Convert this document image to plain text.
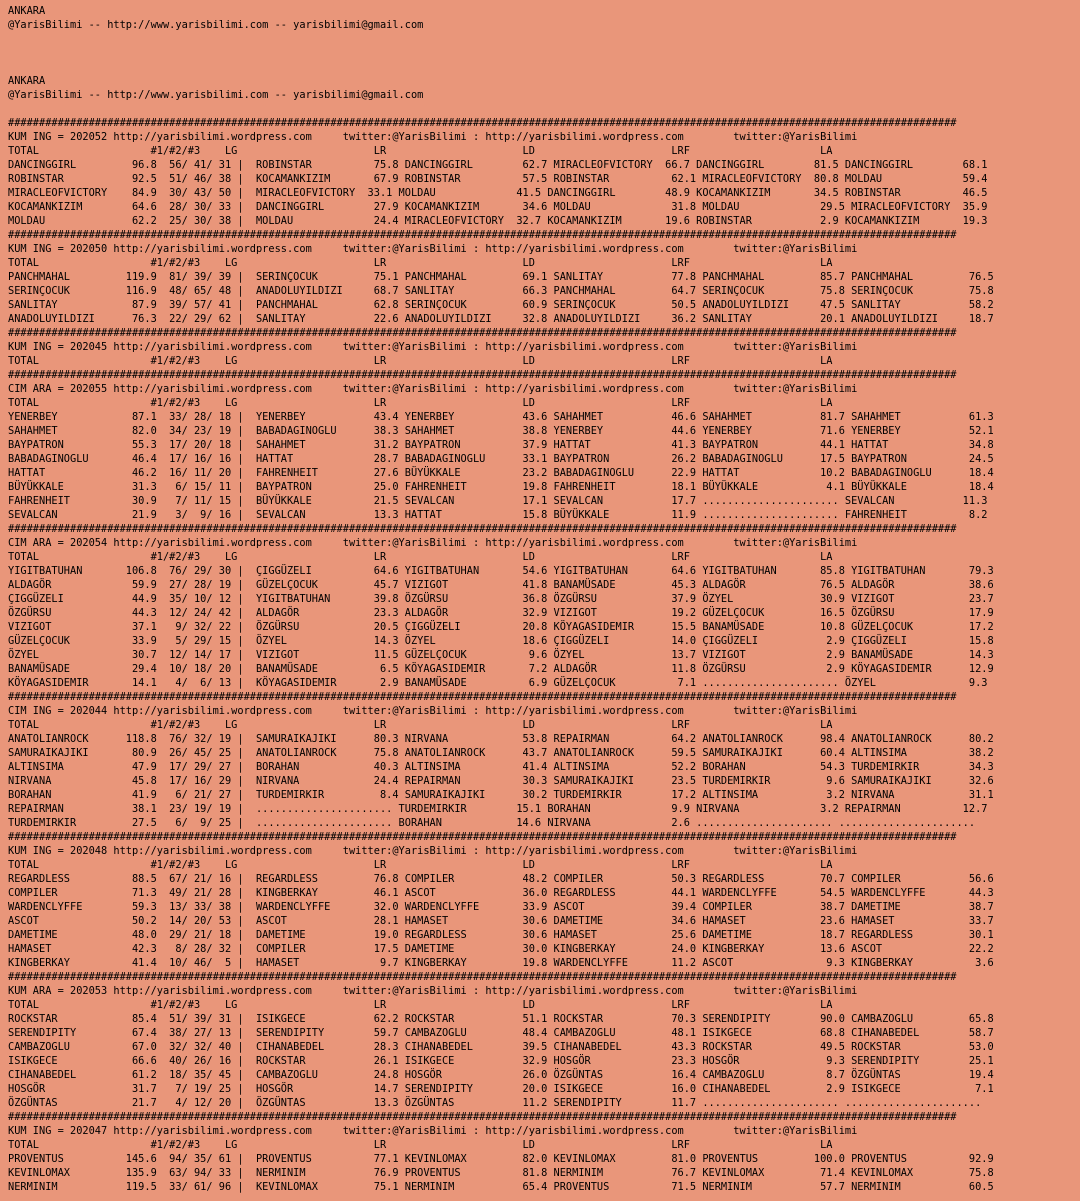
ANKARA
@YarisBilimi -- http://www.yarisbilimi.com -- yarisbilimi@gmail.com
ANKARA
@YarisBilimi -- http://www.yarisbilimi.com -- yarisbilimi@gmail.com
#########################################################################################################################################################
KUM ING = 202052 http://yarisbilimi.wordpress.com     twitter:@YarisBilimi : http://yarisbilimi.wordpress.com        twitter:@YarisBilimi
TOTAL                  #1/#2/#3    LG                      LR                      LD                      LRF                     LA
DANCINGGIRL         96.8  56/ 41/ 31 |  ROBINSTAR          75.8 DANCINGGIRL        62.7 MIRACLEOFVICTORY  66.7 DANCINGGIRL        81.5 DANCINGGIRL        68.1
ROBINSTAR           92.5  51/ 46/ 38 |  KOCAMANKIZIM       67.9 ROBINSTAR          57.5 ROBINSTAR          62.1 MIRACLEOFVICTORY  80.8 MOLDAU             59.4
MIRACLEOFVICTORY    84.9  30/ 43/ 50 |  MIRACLEOFVICTORY  33.1 MOLDAU             41.5 DANCINGGIRL        48.9 KOCAMANKIZIM       34.5 ROBINSTAR          46.5
KOCAMANKIZIM        64.6  28/ 30/ 33 |  DANCINGGIRL        27.9 KOCAMANKIZIM       34.6 MOLDAU             31.8 MOLDAU             29.5 MIRACLEOFVICTORY  35.9
MOLDAU              62.2  25/ 30/ 38 |  MOLDAU             24.4 MIRACLEOFVICTORY  32.7 KOCAMANKIZIM       19.6 ROBINSTAR           2.9 KOCAMANKIZIM       19.3
#########################################################################################################################################################
KUM ING = 202050 http://yarisbilimi.wordpress.com     twitter:@YarisBilimi : http://yarisbilimi.wordpress.com        twitter:@YarisBilimi
TOTAL                  #1/#2/#3    LG                      LR                      LD                      LRF                     LA
PANCHMAHAL         119.9  81/ 39/ 39 |  SERINÇOCUK         75.1 PANCHMAHAL         69.1 SANLITAY           77.8 PANCHMAHAL         85.7 PANCHMAHAL         76.5
SERINÇOCUK         116.9  48/ 65/ 48 |  ANADOLUYILDIZI     68.7 SANLITAY           66.3 PANCHMAHAL         64.7 SERINÇOCUK         75.8 SERINÇOCUK         75.8
SANLITAY            87.9  39/ 57/ 41 |  PANCHMAHAL         62.8 SERINÇOCUK         60.9 SERINÇOCUK         50.5 ANADOLUYILDIZI     47.5 SANLITAY           58.2
ANADOLUYILDIZI      76.3  22/ 29/ 62 |  SANLITAY           22.6 ANADOLUYILDIZI     32.8 ANADOLUYILDIZI     36.2 SANLITAY           20.1 ANADOLUYILDIZI     18.7
#########################################################################################################################################################
KUM ING = 202045 http://yarisbilimi.wordpress.com     twitter:@YarisBilimi : http://yarisbilimi.wordpress.com        twitter:@YarisBilimi
TOTAL                  #1/#2/#3    LG                      LR                      LD                      LRF                     LA
#########################################################################################################################################################
CIM ARA = 202055 http://yarisbilimi.wordpress.com     twitter:@YarisBilimi : http://yarisbilimi.wordpress.com        twitter:@YarisBilimi
TOTAL                  #1/#2/#3    LG                      LR                      LD                      LRF                     LA
YENERBEY            87.1  33/ 28/ 18 |  YENERBEY           43.4 YENERBEY           43.6 SAHAHMET           46.6 SAHAHMET           81.7 SAHAHMET           61.3
SAHAHMET            82.0  34/ 23/ 19 |  BABADAGINOGLU      38.3 SAHAHMET           38.8 YENERBEY           44.6 YENERBEY           71.6 YENERBEY           52.1
BAYPATRON           55.3  17/ 20/ 18 |  SAHAHMET           31.2 BAYPATRON          37.9 HATTAT             41.3 BAYPATRON          44.1 HATTAT             34.8
BABADAGINOGLU       46.4  17/ 16/ 16 |  HATTAT             28.7 BABADAGINOGLU      33.1 BAYPATRON          26.2 BABADAGINOGLU      17.5 BAYPATRON          24.5
HATTAT              46.2  16/ 11/ 20 |  FAHRENHEIT         27.6 BÜYÜKKALE          23.2 BABADAGINOGLU      22.9 HATTAT             10.2 BABADAGINOGLU      18.4
BÜYÜKKALE           31.3   6/ 15/ 11 |  BAYPATRON          25.0 FAHRENHEIT         19.8 FAHRENHEIT         18.1 BÜYÜKKALE           4.1 BÜYÜKKALE          18.4
FAHRENHEIT          30.9   7/ 11/ 15 |  BÜYÜKKALE          21.5 SEVALCAN           17.1 SEVALCAN           17.7 ...................... SEVALCAN           11.3
SEVALCAN            21.9   3/  9/ 16 |  SEVALCAN           13.3 HATTAT             15.8 BÜYÜKKALE          11.9 ...................... FAHRENHEIT          8.2
#########################################################################################################################################################
CIM ARA = 202054 http://yarisbilimi.wordpress.com     twitter:@YarisBilimi : http://yarisbilimi.wordpress.com        twitter:@YarisBilimi
TOTAL                  #1/#2/#3    LG                      LR                      LD                      LRF                     LA
YIGITBATUHAN       106.8  76/ 29/ 30 |  ÇIGGÜZELI          64.6 YIGITBATUHAN       54.6 YIGITBATUHAN       64.6 YIGITBATUHAN       85.8 YIGITBATUHAN       79.3
ALDAGÖR             59.9  27/ 28/ 19 |  GÜZELÇOCUK         45.7 VIZIGOT            41.8 BANAMÜSADE         45.3 ALDAGÖR            76.5 ALDAGÖR            38.6
ÇIGGÜZELI           44.9  35/ 10/ 12 |  YIGITBATUHAN       39.8 ÖZGÜRSU            36.8 ÖZGÜRSU            37.9 ÖZYEL              30.9 VIZIGOT            23.7
ÖZGÜRSU             44.3  12/ 24/ 42 |  ALDAGÖR            23.3 ALDAGÖR            32.9 VIZIGOT            19.2 GÜZELÇOCUK         16.5 ÖZGÜRSU            17.9
VIZIGOT             37.1   9/ 32/ 22 |  ÖZGÜRSU            20.5 ÇIGGÜZELI          20.8 KÖYAGASIDEMIR      15.5 BANAMÜSADE         10.8 GÜZELÇOCUK         17.2
GÜZELÇOCUK          33.9   5/ 29/ 15 |  ÖZYEL              14.3 ÖZYEL              18.6 ÇIGGÜZELI          14.0 ÇIGGÜZELI           2.9 ÇIGGÜZELI          15.8
ÖZYEL               30.7  12/ 14/ 17 |  VIZIGOT            11.5 GÜZELÇOCUK          9.6 ÖZYEL              13.7 VIZIGOT             2.9 BANAMÜSADE         14.3
BANAMÜSADE          29.4  10/ 18/ 20 |  BANAMÜSADE          6.5 KÖYAGASIDEMIR       7.2 ALDAGÖR            11.8 ÖZGÜRSU             2.9 KÖYAGASIDEMIR      12.9
KÖYAGASIDEMIR       14.1   4/  6/ 13 |  KÖYAGASIDEMIR       2.9 BANAMÜSADE          6.9 GÜZELÇOCUK          7.1 ...................... ÖZYEL               9.3
#########################################################################################################################################################
CIM ING = 202044 http://yarisbilimi.wordpress.com     twitter:@YarisBilimi : http://yarisbilimi.wordpress.com        twitter:@YarisBilimi
TOTAL                  #1/#2/#3    LG                      LR                      LD                      LRF                     LA
ANATOLIANROCK      118.8  76/ 32/ 19 |  SAMURAIKAJIKI      80.3 NIRVANA            53.8 REPAIRMAN          64.2 ANATOLIANROCK      98.4 ANATOLIANROCK      80.2
SAMURAIKAJIKI       80.9  26/ 45/ 25 |  ANATOLIANROCK      75.8 ANATOLIANROCK      43.7 ANATOLIANROCK      59.5 SAMURAIKAJIKI      60.4 ALTINSIMA          38.2
ALTINSIMA           47.9  17/ 29/ 27 |  BORAHAN            40.3 ALTINSIMA          41.4 ALTINSIMA          52.2 BORAHAN            54.3 TURDEMIRKIR        34.3
NIRVANA             45.8  17/ 16/ 29 |  NIRVANA            24.4 REPAIRMAN          30.3 SAMURAIKAJIKI      23.5 TURDEMIRKIR         9.6 SAMURAIKAJIKI      32.6
BORAHAN             41.9   6/ 21/ 27 |  TURDEMIRKIR         8.4 SAMURAIKAJIKI      30.2 TURDEMIRKIR        17.2 ALTINSIMA           3.2 NIRVANA            31.1
REPAIRMAN           38.1  23/ 19/ 19 |  ...................... TURDEMIRKIR        15.1 BORAHAN             9.9 NIRVANA             3.2 REPAIRMAN          12.7
TURDEMIRKIR         27.5   6/  9/ 25 |  ...................... BORAHAN            14.6 NIRVANA             2.6 ...................... ......................
#########################################################################################################################################################
KUM ING = 202048 http://yarisbilimi.wordpress.com     twitter:@YarisBilimi : http://yarisbilimi.wordpress.com        twitter:@YarisBilimi
TOTAL                  #1/#2/#3    LG                      LR                      LD                      LRF                     LA
REGARDLESS          88.5  67/ 21/ 16 |  REGARDLESS         76.8 COMPILER           48.2 COMPILER           50.3 REGARDLESS         70.7 COMPILER           56.6
COMPILER            71.3  49/ 21/ 28 |  KINGBERKAY         46.1 ASCOT              36.0 REGARDLESS         44.1 WARDENCLYFFE       54.5 WARDENCLYFFE       44.3
WARDENCLYFFE        59.3  13/ 33/ 38 |  WARDENCLYFFE       32.0 WARDENCLYFFE       33.9 ASCOT              39.4 COMPILER           38.7 DAMETIME           38.7
ASCOT               50.2  14/ 20/ 53 |  ASCOT              28.1 HAMASET            30.6 DAMETIME           34.6 HAMASET            23.6 HAMASET            33.7
DAMETIME            48.0  29/ 21/ 18 |  DAMETIME           19.0 REGARDLESS         30.6 HAMASET            25.6 DAMETIME           18.7 REGARDLESS         30.1
HAMASET             42.3   8/ 28/ 32 |  COMPILER           17.5 DAMETIME           30.0 KINGBERKAY         24.0 KINGBERKAY         13.6 ASCOT              22.2
KINGBERKAY          41.4  10/ 46/  5 |  HAMASET             9.7 KINGBERKAY         19.8 WARDENCLYFFE       11.2 ASCOT               9.3 KINGBERKAY          3.6
#########################################################################################################################################################
KUM ARA = 202053 http://yarisbilimi.wordpress.com     twitter:@YarisBilimi : http://yarisbilimi.wordpress.com        twitter:@YarisBilimi
TOTAL                  #1/#2/#3    LG                      LR                      LD                      LRF                     LA
ROCKSTAR            85.4  51/ 39/ 31 |  ISIKGECE           62.2 ROCKSTAR           51.1 ROCKSTAR           70.3 SERENDIPITY        90.0 CAMBAZOGLU         65.8
SERENDIPITY         67.4  38/ 27/ 13 |  SERENDIPITY        59.7 CAMBAZOGLU         48.4 CAMBAZOGLU         48.1 ISIKGECE           68.8 CIHANABEDEL        58.7
CAMBAZOGLU          67.0  32/ 32/ 40 |  CIHANABEDEL        28.3 CIHANABEDEL        39.5 CIHANABEDEL        43.3 ROCKSTAR           49.5 ROCKSTAR           53.0
ISIKGECE            66.6  40/ 26/ 16 |  ROCKSTAR           26.1 ISIKGECE           32.9 HOSGÖR             23.3 HOSGÖR              9.3 SERENDIPITY        25.1
CIHANABEDEL         61.2  18/ 35/ 45 |  CAMBAZOGLU         24.8 HOSGÖR             26.0 ÖZGÜNTAS           16.4 CAMBAZOGLU          8.7 ÖZGÜNTAS           19.4
HOSGÖR              31.7   7/ 19/ 25 |  HOSGÖR             14.7 SERENDIPITY        20.0 ISIKGECE           16.0 CIHANABEDEL         2.9 ISIKGECE            7.1
ÖZGÜNTAS            21.7   4/ 12/ 20 |  ÖZGÜNTAS           13.3 ÖZGÜNTAS           11.2 SERENDIPITY        11.7 ...................... ......................
#########################################################################################################################################################
KUM ING = 202047 http://yarisbilimi.wordpress.com     twitter:@YarisBilimi : http://yarisbilimi.wordpress.com        twitter:@YarisBilimi
TOTAL                  #1/#2/#3    LG                      LR                      LD                      LRF                     LA
PROVENTUS          145.6  94/ 35/ 61 |  PROVENTUS          77.1 KEVINLOMAX         82.0 KEVINLOMAX         81.0 PROVENTUS         100.0 PROVENTUS          92.9
KEVINLOMAX         135.9  63/ 94/ 33 |  NERMINIM           76.9 PROVENTUS          81.8 NERMINIM           76.7 KEVINLOMAX         71.4 KEVINLOMAX         75.8
NERMINIM           119.5  33/ 61/ 96 |  KEVINLOMAX         75.1 NERMINIM           65.4 PROVENTUS          71.5 NERMINIM           57.7 NERMINIM           60.5
